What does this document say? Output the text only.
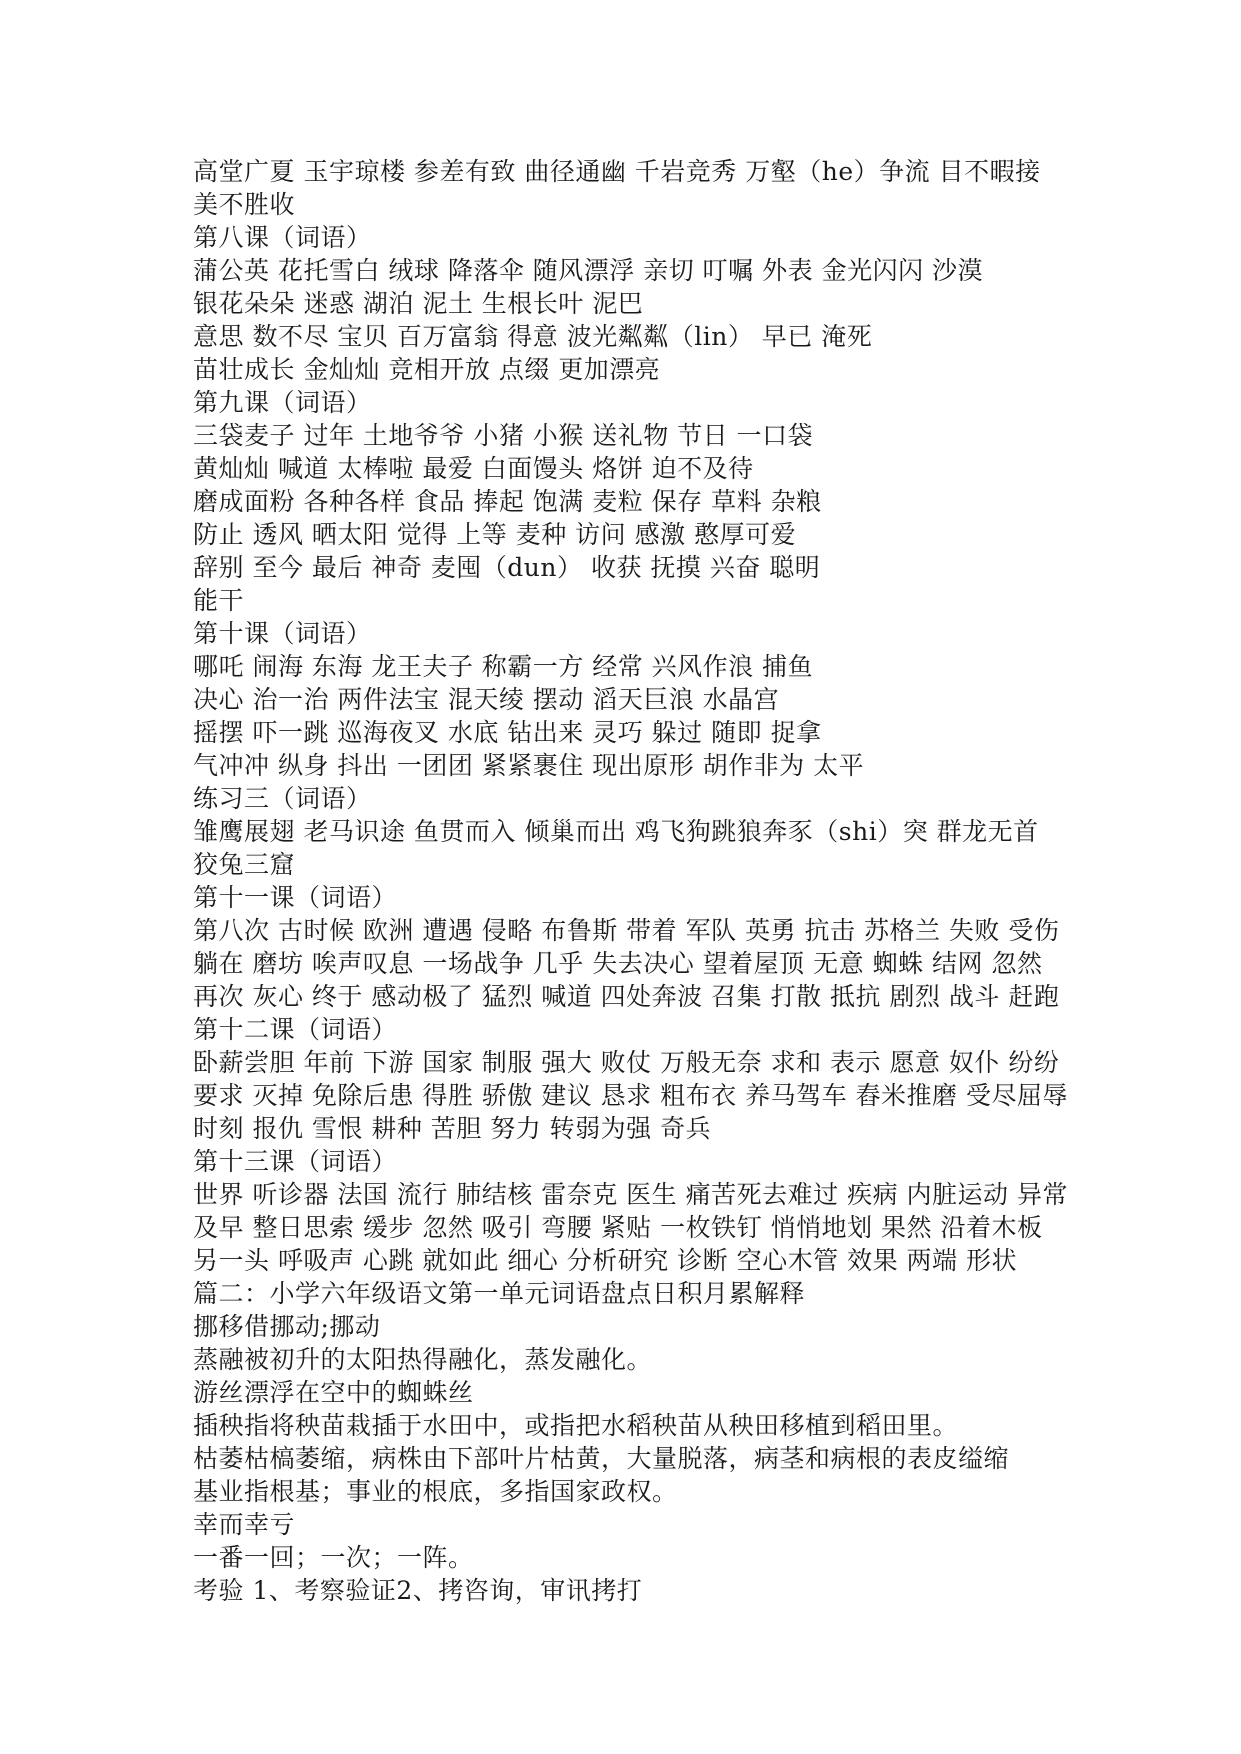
高堂广夏 玉宇琼楼 参差有致 曲径通幽 千岩竞秀 万壑（he）争流 目不暇接
美不胜收
第八课（词语）
蒲公英 花托雪白 绒球 降落伞 随风漂浮 亲切 叮嘱 外表 金光闪闪 沙漠
银花朵朵 迷惑 湖泊 泥土 生根长叶 泥巴
意思 数不尽 宝贝 百万富翁 得意 波光粼粼（lin） 早已 淹死
苗壮成长 金灿灿 竞相开放 点缀 更加漂亮
第九课（词语）
三袋麦子 过年 土地爷爷 小猪 小猴 送礼物 节日 一口袋
黄灿灿 喊道 太棒啦 最爱 白面馒头 烙饼 迫不及待
磨成面粉 各种各样 食品 捧起 饱满 麦粒 保存 草料 杂粮
防止 透风 晒太阳 觉得 上等 麦种 访问 感激 憨厚可爱
辞别 至今 最后 神奇 麦囤（dun） 收获 抚摸 兴奋 聪明
能干
第十课（词语）
哪吒 闹海 东海 龙王夫子 称霸一方 经常 兴风作浪 捕鱼
决心 治一治 两件法宝 混天绫 摆动 滔天巨浪 水晶宫
摇摆 吓一跳 巡海夜叉 水底 钻出来 灵巧 躲过 随即 捉拿
气冲冲 纵身 抖出 一团团 紧紧裹住 现出原形 胡作非为 太平
练习三（词语）
雏鹰展翅 老马识途 鱼贯而入 倾巢而出 鸡飞狗跳狼奔豕（shi）突 群龙无首
狡兔三窟
第十一课（词语）
第八次 古时候 欧洲 遭遇 侵略 布鲁斯 带着 军队 英勇 抗击 苏格兰 失败 受伤
躺在 磨坊 唉声叹息 一场战争 几乎 失去决心 望着屋顶 无意 蜘蛛 结网 忽然
再次 灰心 终于 感动极了 猛烈 喊道 四处奔波 召集 打散 抵抗 剧烈 战斗 赶跑
第十二课（词语）
卧薪尝胆 年前 下游 国家 制服 强大 败仗 万般无奈 求和 表示 愿意 奴仆 纷纷
要求 灭掉 免除后患 得胜 骄傲 建议 恳求 粗布衣 养马驾车 舂米推磨 受尽屈辱
时刻 报仇 雪恨 耕种 苦胆 努力 转弱为强 奇兵
第十三课（词语）
世界 听诊器 法国 流行 肺结核 雷奈克 医生 痛苦死去难过 疾病 内脏运动 异常
及早 整日思索 缓步 忽然 吸引 弯腰 紧贴 一枚铁钉 悄悄地划 果然 沿着木板
另一头 呼吸声 心跳 就如此 细心 分析研究 诊断 空心木管 效果 两端 形状
篇二：小学六年级语文第一单元词语盘点日积月累解释
挪移借挪动;挪动
蒸融被初升的太阳热得融化，蒸发融化。
游丝漂浮在空中的蜘蛛丝
插秧指将秧苗栽插于水田中，或指把水稻秧苗从秧田移植到稻田里。
枯萎枯槁萎缩，病株由下部叶片枯黄，大量脱落，病茎和病根的表皮缢缩
基业指根基；事业的根底，多指国家政权。
幸而幸亏
一番一回；一次；一阵。
考验 1、考察验证2、拷咨询，审讯拷打
